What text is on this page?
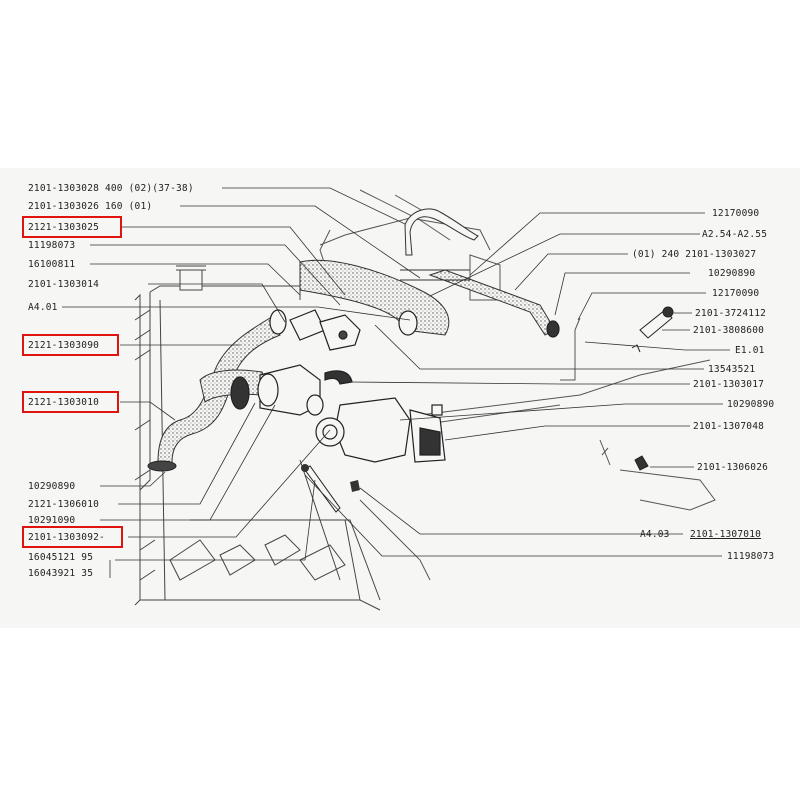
2101-1303028 400 (02)(37-38)
2101-1303026 160 (01)
2121-1303025
11198073
16100811
2101-1303014
A4.01
2121-1303090
2121-1303010
10290890
2121-1306010
10291090
2101-1303092-
16045121 95
16043921 35
12170090
A2.54-A2.55
(01) 240 2101-1303027
10290890
12170090
2101-3724112
2101-3808600
E1.01
13543521
2101-1303017
10290890
2101-1307048
2101-1306026
A4.03 2101-1307010
11198073
